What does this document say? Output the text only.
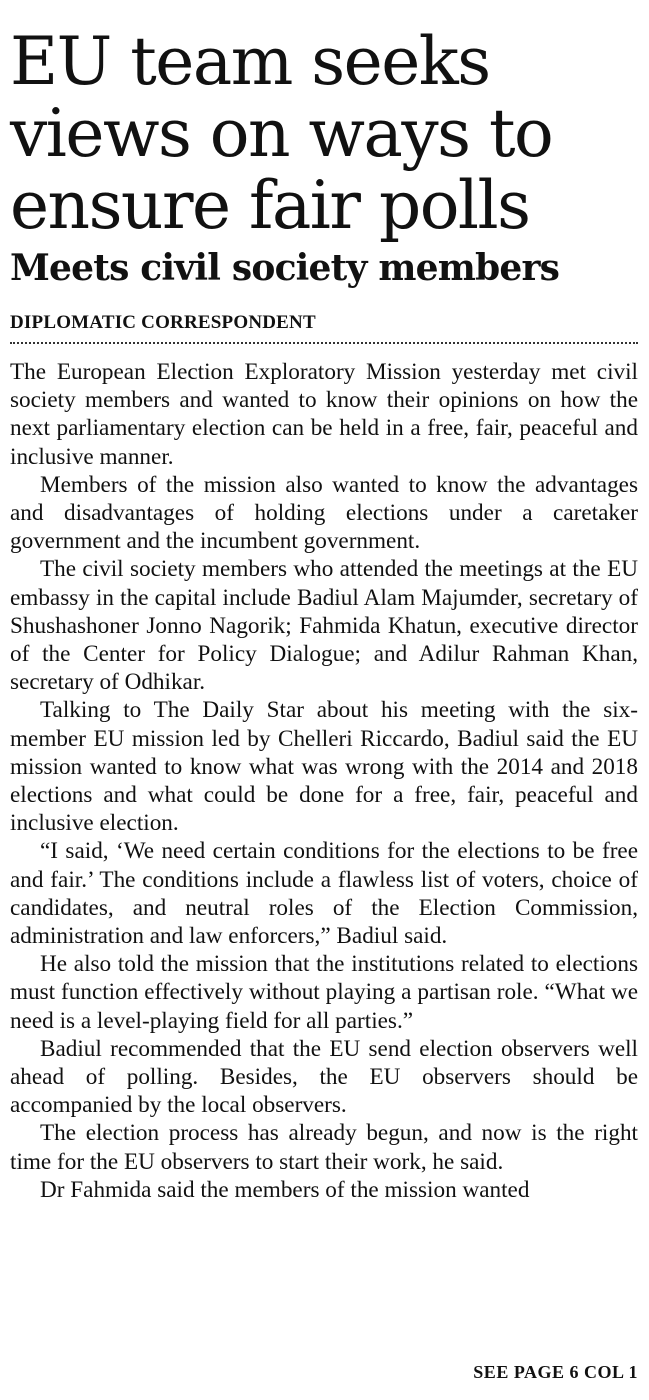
EU team seeks
views on ways to
ensure fair polls
Meets civil society members
DIPLOMATIC CORRESPONDENT

The European Election Exploratory Mission yesterday met civil society members and wanted to know their opinions on how the next parliamentary election can be held in a free, fair, peaceful and inclusive manner.

Members of the mission also wanted to know the advantages and disadvantages of holding elections under a caretaker government and the incumbent government.

The civil society members who attended the meetings at the EU embassy in the capital include Badiul Alam Majumder, secretary of Shushashoner Jonno Nagorik; Fahmida Khatun, executive director of the Center for Policy Dialogue; and Adilur Rahman Khan, secretary of Odhikar.

Talking to The Daily Star about his meeting with the six-member EU mission led by Chelleri Riccardo, Badiul said the EU mission wanted to know what was wrong with the 2014 and 2018 elections and what could be done for a free, fair, peaceful and inclusive election.

“I said, ‘We need certain conditions for the elections to be free and fair.’ The conditions include a flawless list of voters, choice of candidates, and neutral roles of the Election Commission, administration and law enforcers,” Badiul said.

He also told the mission that the institutions related to elections must function effectively without playing a partisan role. “What we need is a level-playing field for all parties.”

Badiul recommended that the EU send election observers well ahead of polling. Besides, the EU observers should be accompanied by the local observers.

The election process has already begun, and now is the right time for the EU observers to start their work, he said.

Dr Fahmida said the members of the mission wanted

SEE PAGE 6 COL 1
